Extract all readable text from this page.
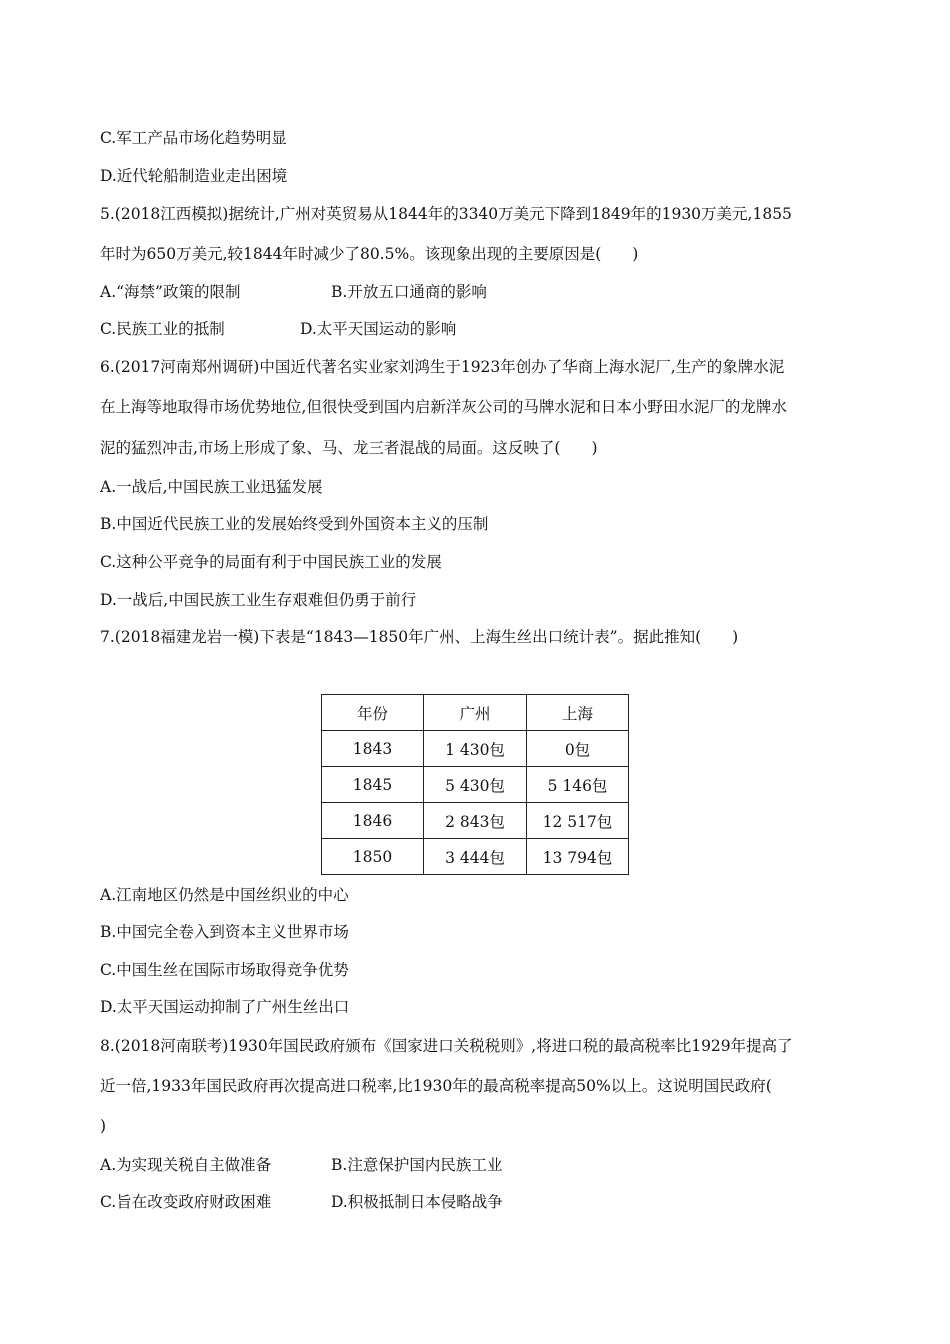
C.军工产品市场化趋势明显
D.近代轮船制造业走出困境
5.(2018江西模拟)据统计,广州对英贸易从1844年的3340万美元下降到1849年的1930万美元,1855
年时为650万美元,较1844年时减少了80.5%。该现象出现的主要原因是(　　)
A.“海禁”政策的限制	B.开放五口通商的影响
C.民族工业的抵制	D.太平天国运动的影响
6.(2017河南郑州调研)中国近代著名实业家刘鸿生于1923年创办了华商上海水泥厂,生产的象牌水泥
在上海等地取得市场优势地位,但很快受到国内启新洋灰公司的马牌水泥和日本小野田水泥厂的龙牌水
泥的猛烈冲击,市场上形成了象、马、龙三者混战的局面。这反映了(　　)
A.一战后,中国民族工业迅猛发展
B.中国近代民族工业的发展始终受到外国资本主义的压制
C.这种公平竞争的局面有利于中国民族工业的发展
D.一战后,中国民族工业生存艰难但仍勇于前行
7.(2018福建龙岩一模)下表是“1843—1850年广州、上海生丝出口统计表”。据此推知(　　)
年份	广州	上海
1843	1 430包	0包
1845	5 430包	5 146包
1846	2 843包	12 517包
1850	3 444包	13 794包
A.江南地区仍然是中国丝织业的中心
B.中国完全卷入到资本主义世界市场
C.中国生丝在国际市场取得竞争优势
D.太平天国运动抑制了广州生丝出口
8.(2018河南联考)1930年国民政府颁布《国家进口关税税则》,将进口税的最高税率比1929年提高了
近一倍,1933年国民政府再次提高进口税率,比1930年的最高税率提高50%以上。这说明国民政府(
)
A.为实现关税自主做准备	B.注意保护国内民族工业
C.旨在改变政府财政困难	D.积极抵制日本侵略战争
